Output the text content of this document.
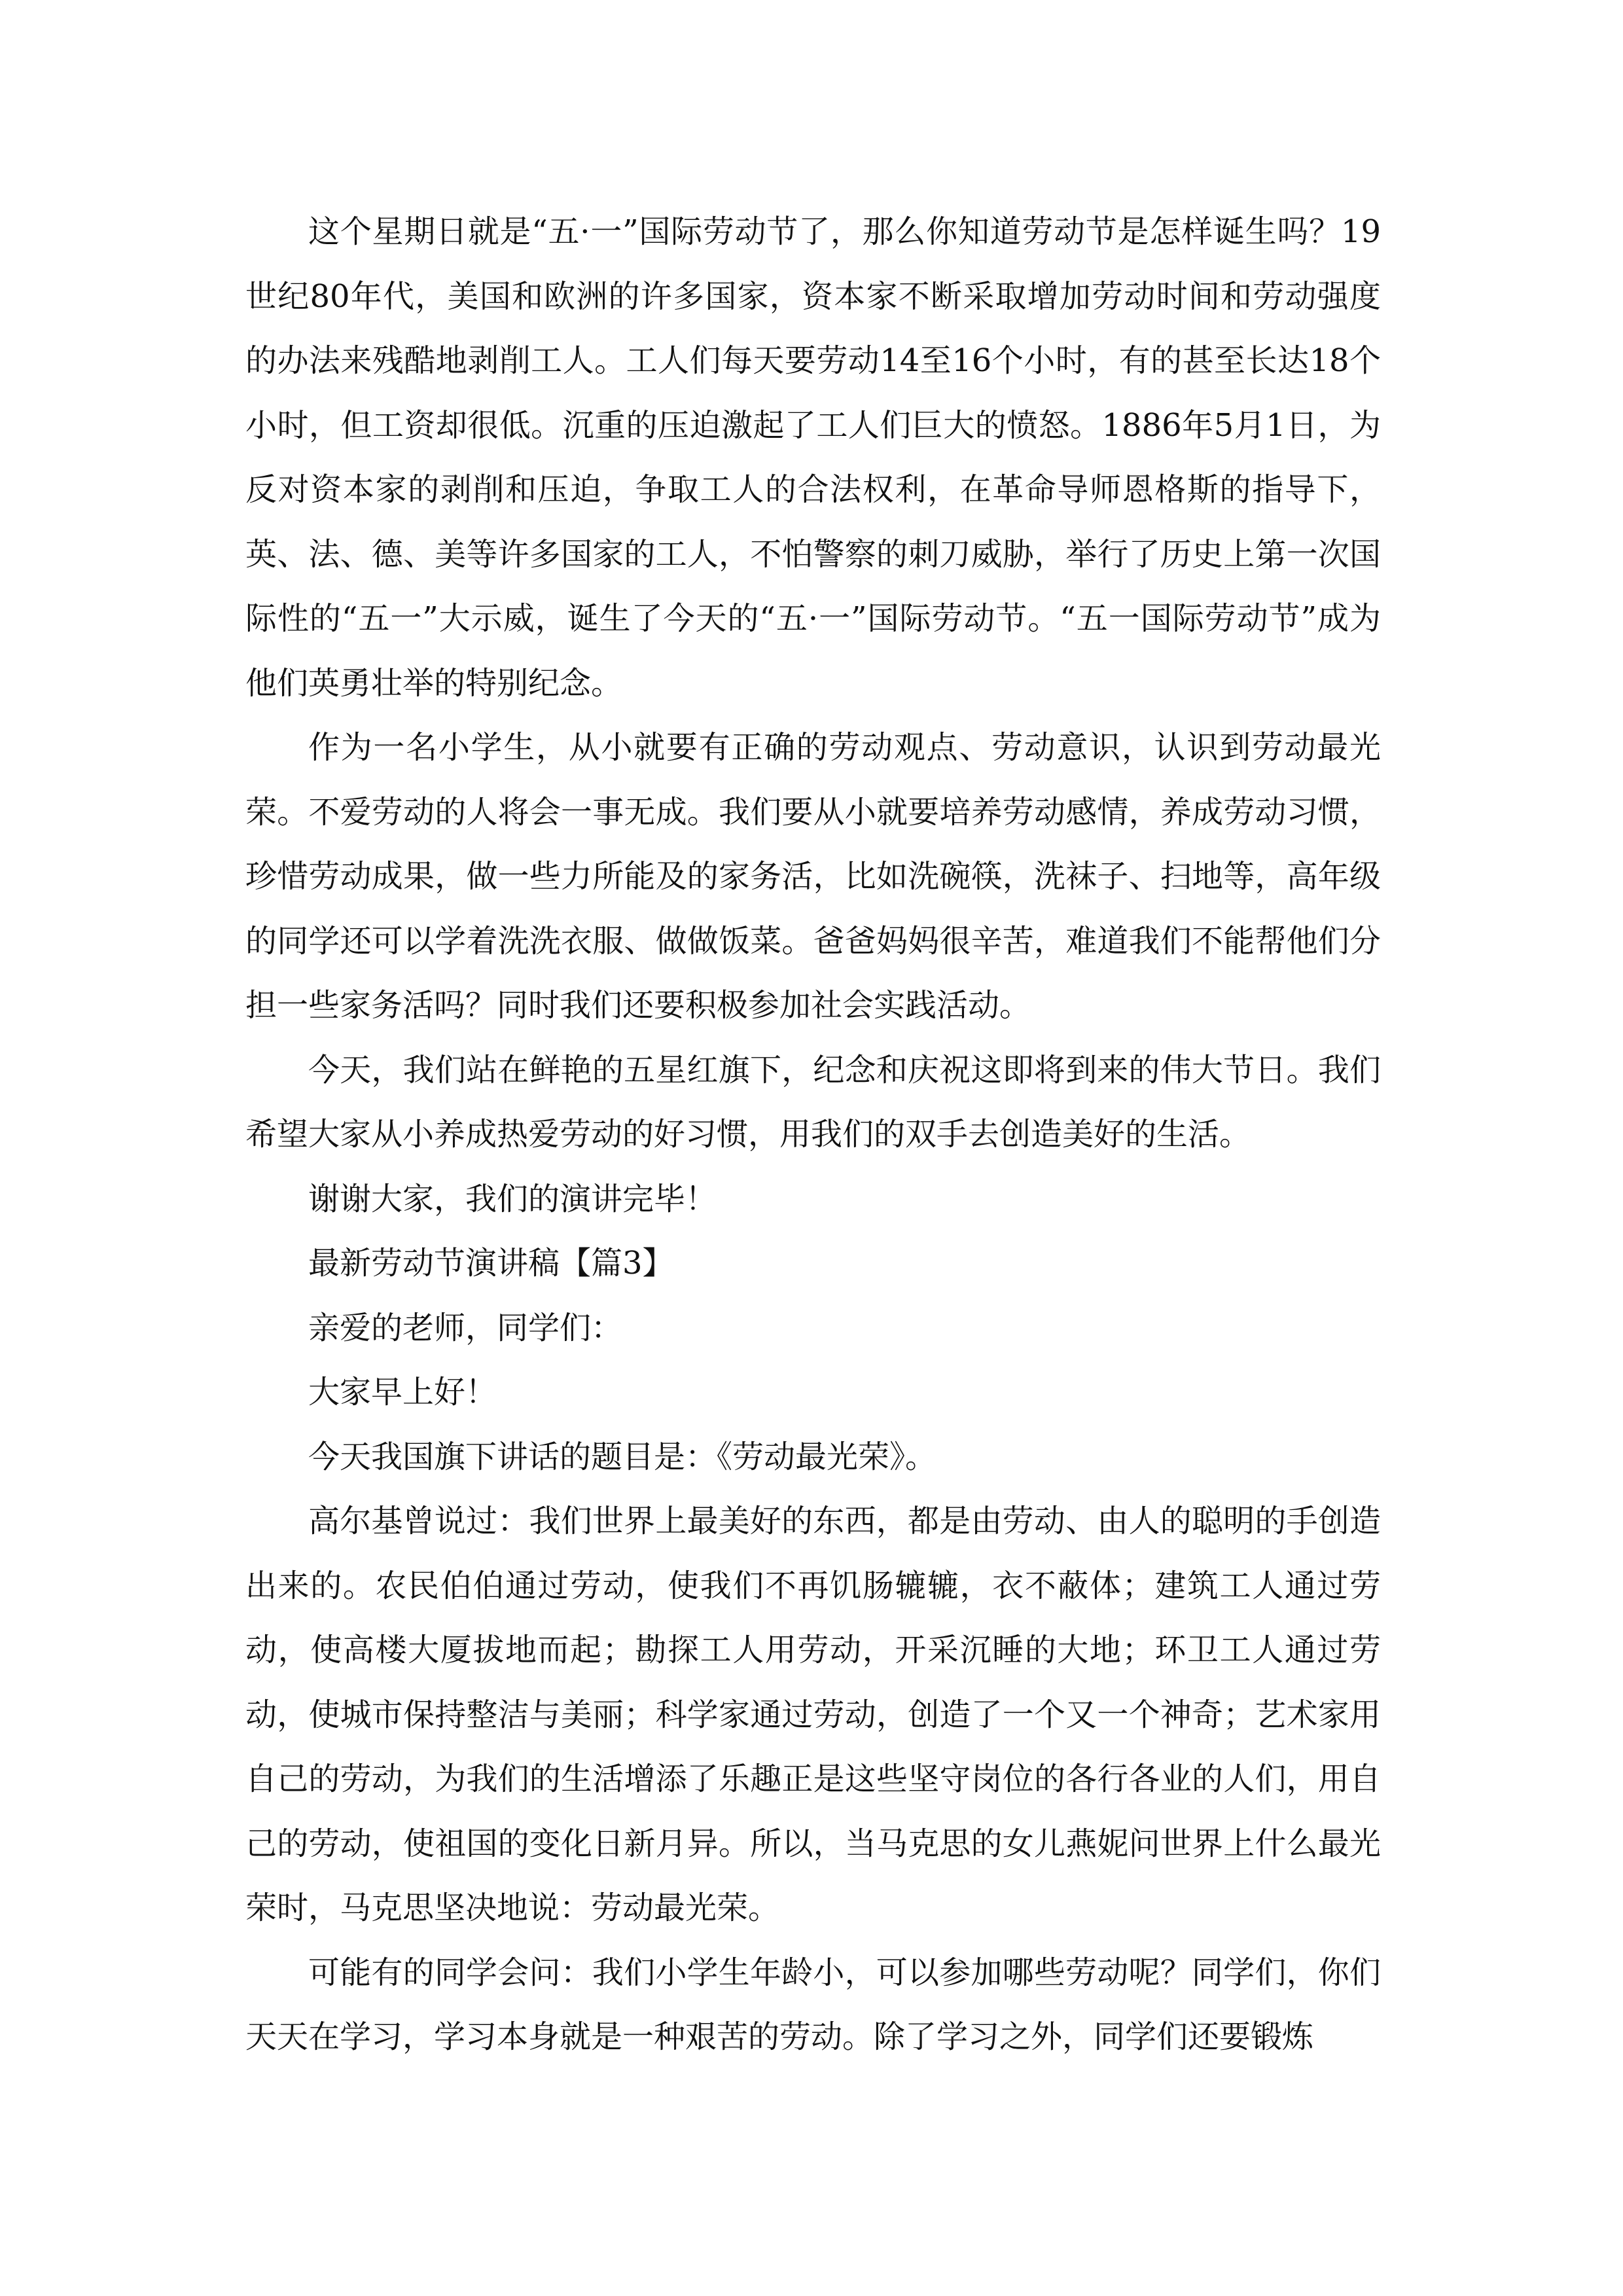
这个星期日就是“五·一”国际劳动节了，那么你知道劳动节是怎样诞生吗？19世纪80年代，美国和欧洲的许多国家，资本家不断采取增加劳动时间和劳动强度的办法来残酷地剥削工人。工人们每天要劳动14至16个小时，有的甚至长达18个小时，但工资却很低。沉重的压迫激起了工人们巨大的愤怒。1886年5月1日，为反对资本家的剥削和压迫，争取工人的合法权利，在革命导师恩格斯的指导下，英、法、德、美等许多国家的工人，不怕警察的刺刀威胁，举行了历史上第一次国际性的“五一”大示威，诞生了今天的“五·一”国际劳动节。“五一国际劳动节”成为他们英勇壮举的特别纪念。

作为一名小学生，从小就要有正确的劳动观点、劳动意识，认识到劳动最光荣。不爱劳动的人将会一事无成。我们要从小就要培养劳动感情，养成劳动习惯，珍惜劳动成果，做一些力所能及的家务活，比如洗碗筷，洗袜子、扫地等，高年级的同学还可以学着洗洗衣服、做做饭菜。爸爸妈妈很辛苦，难道我们不能帮他们分担一些家务活吗？同时我们还要积极参加社会实践活动。

今天，我们站在鲜艳的五星红旗下，纪念和庆祝这即将到来的伟大节日。我们希望大家从小养成热爱劳动的好习惯，用我们的双手去创造美好的生活。

谢谢大家，我们的演讲完毕！

最新劳动节演讲稿【篇3】

亲爱的老师，同学们：

大家早上好！

今天我国旗下讲话的题目是：《劳动最光荣》。

高尔基曾说过：我们世界上最美好的东西，都是由劳动、由人的聪明的手创造出来的。农民伯伯通过劳动，使我们不再饥肠辘辘，衣不蔽体；建筑工人通过劳动，使高楼大厦拔地而起；勘探工人用劳动，开采沉睡的大地；环卫工人通过劳动，使城市保持整洁与美丽；科学家通过劳动，创造了一个又一个神奇；艺术家用自己的劳动，为我们的生活增添了乐趣正是这些坚守岗位的各行各业的人们，用自己的劳动，使祖国的变化日新月异。所以，当马克思的女儿燕妮问世界上什么最光荣时，马克思坚决地说：劳动最光荣。

可能有的同学会问：我们小学生年龄小，可以参加哪些劳动呢？同学们，你们天天在学习，学习本身就是一种艰苦的劳动。除了学习之外，同学们还要锻炼
